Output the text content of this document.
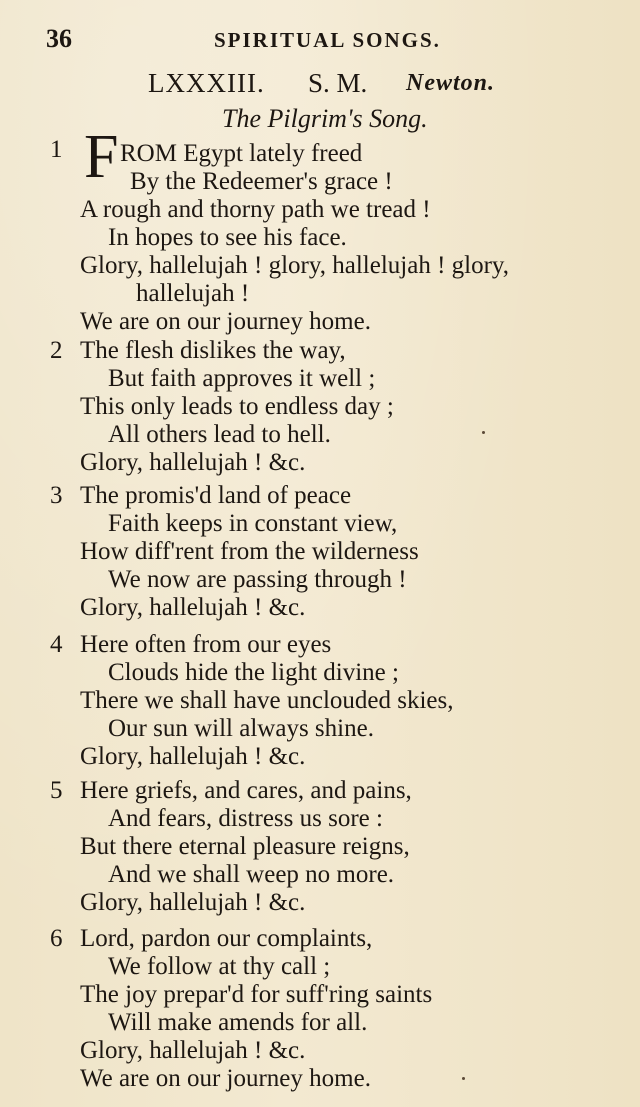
36	SPIRITUAL SONGS.
LXXXIII. S. M. Newton.
The Pilgrim's Song.
1 F ROM Egypt lately freed
By the Redeemer's grace !
A rough and thorny path we tread !
In hopes to see his face.
Glory, hallelujah ! glory, hallelujah ! glory,
hallelujah !
We are on our journey home.
2 The flesh dislikes the way,
But faith approves it well ;
This only leads to endless day ;
All others lead to hell.
Glory, hallelujah ! &c.
3 The promis'd land of peace
Faith keeps in constant view,
How diff'rent from the wilderness
We now are passing through !
Glory, hallelujah ! &c.
4 Here often from our eyes
Clouds hide the light divine ;
There we shall have unclouded skies,
Our sun will always shine.
Glory, hallelujah ! &c.
5 Here griefs, and cares, and pains,
And fears, distress us sore :
But there eternal pleasure reigns,
And we shall weep no more.
Glory, hallelujah ! &c.
6 Lord, pardon our complaints,
We follow at thy call ;
The joy prepar'd for suff'ring saints
Will make amends for all.
Glory, hallelujah ! &c.
We are on our journey home.
